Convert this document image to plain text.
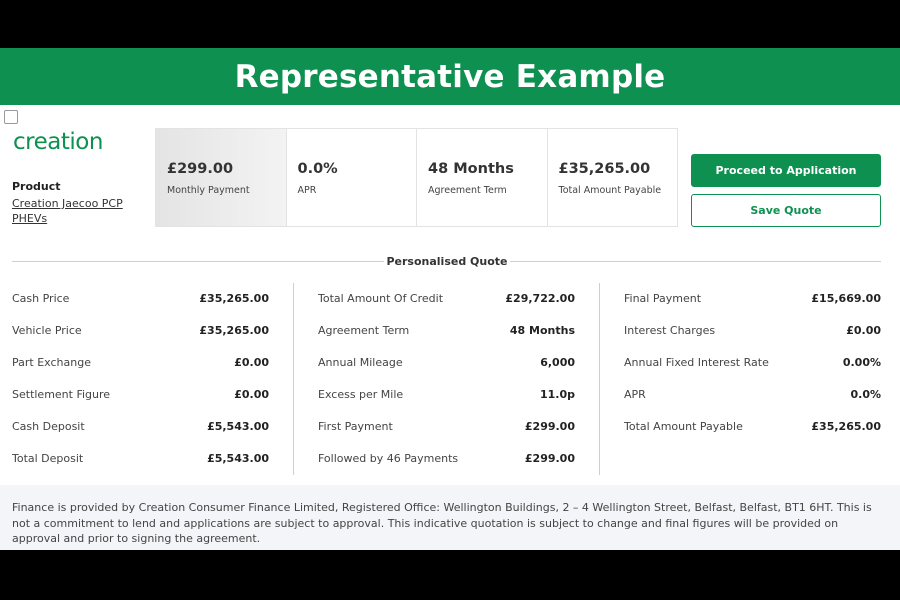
Representative Example
creation
Product
Creation Jaecoo PCP PHEVs
£299.00
Monthly Payment
0.0%
APR
48 Months
Agreement Term
£35,265.00
Total Amount Payable
Proceed to Application
Save Quote
Personalised Quote
Cash Price	£35,265.00
Vehicle Price	£35,265.00
Part Exchange	£0.00
Settlement Figure	£0.00
Cash Deposit	£5,543.00
Total Deposit	£5,543.00
Total Amount Of Credit	£29,722.00
Agreement Term	48 Months
Annual Mileage	6,000
Excess per Mile	11.0p
First Payment	£299.00
Followed by 46 Payments	£299.00
Final Payment	£15,669.00
Interest Charges	£0.00
Annual Fixed Interest Rate	0.00%
APR	0.0%
Total Amount Payable	£35,265.00

Finance is provided by Creation Consumer Finance Limited, Registered Office: Wellington Buildings, 2 – 4 Wellington Street, Belfast, Belfast, BT1 6HT. This is not a commitment to lend and applications are subject to approval. This indicative quotation is subject to change and final figures will be provided on approval and prior to signing the agreement.
